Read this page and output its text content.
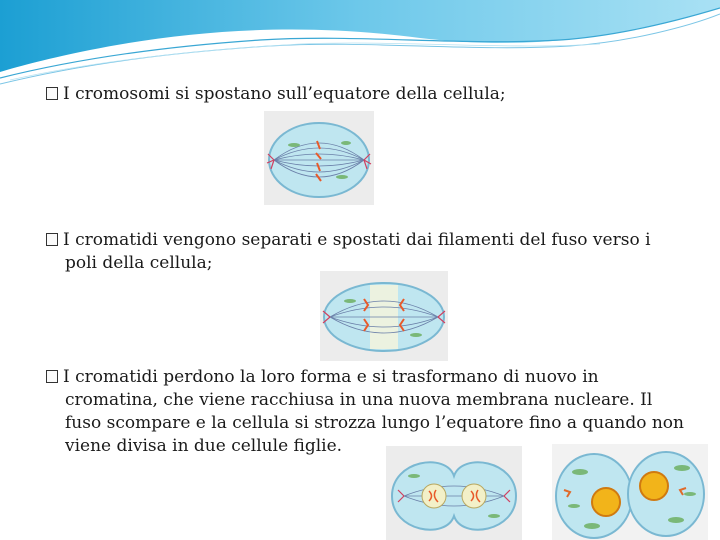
I cromosomi si spostano sull’equatore della cellula;
I cromatidi vengono separati e spostati dai filamenti del fuso verso i poli della cellula;
I cromatidi perdono la loro forma e si trasformano di nuovo in cromatina, che viene racchiusa in una nuova membrana nucleare. Il fuso scompare e la cellula si strozza lungo l’equatore fino a quando non viene divisa in due cellule figlie.
